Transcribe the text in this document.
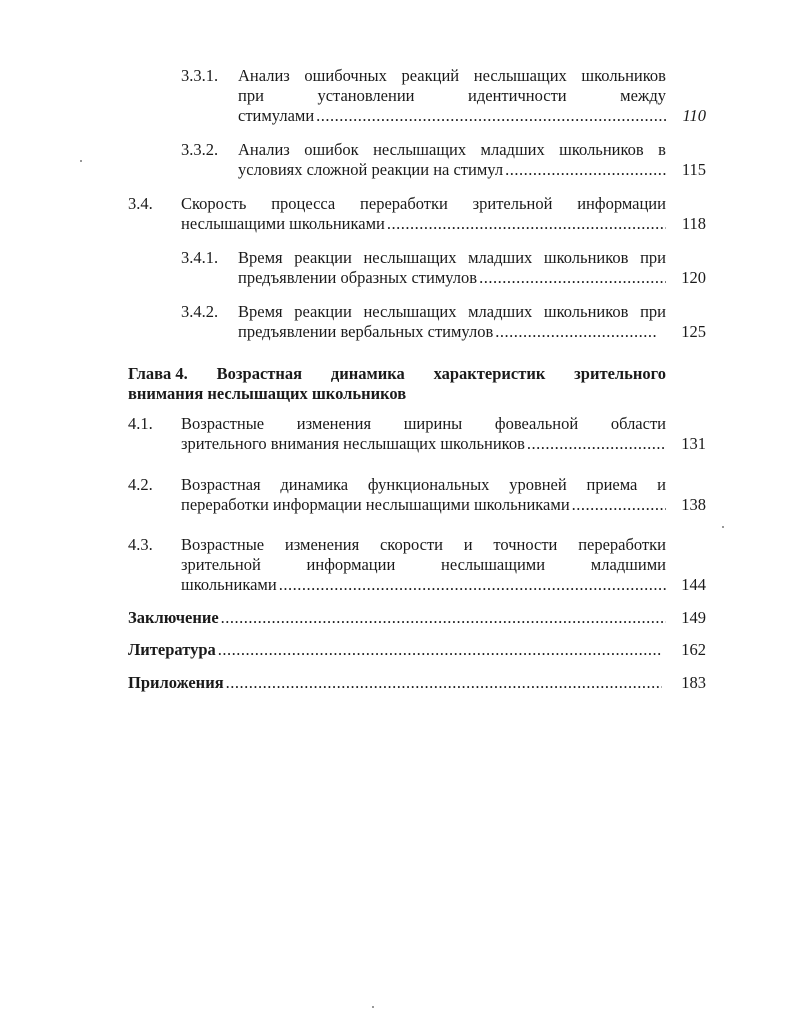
3.3.1. Анализ ошибочных реакций неслышащих школьников
при	установлении	идентичности	между
стимулами .....	110
3.3.2. Анализ ошибок неслышащих младших школьников в
условиях сложной реакции на стимул .....	115
3.4. Скорость процесса переработки зрительной информации
неслышащими школьниками .....	118
3.4.1. Время реакции неслышащих младших школьников при
предъявлении образных стимулов .....	120
3.4.2. Время реакции неслышащих младших школьников при
предъявлении вербальных стимулов .....	125
Глава 4. Возрастная динамика характеристик зрительного
внимания неслышащих школьников
4.1. Возрастные изменения ширины фовеальной области
зрительного внимания неслышащих школьников .....	131
4.2. Возрастная динамика функциональных уровней приема и
переработки информации неслышащими школьниками .....	138
4.3. Возрастные изменения скорости и точности переработки
зрительной	информации	неслышащими	младшими
школьниками .....	144
Заключение .....	149
Литература .....	162
Приложения .....	183
